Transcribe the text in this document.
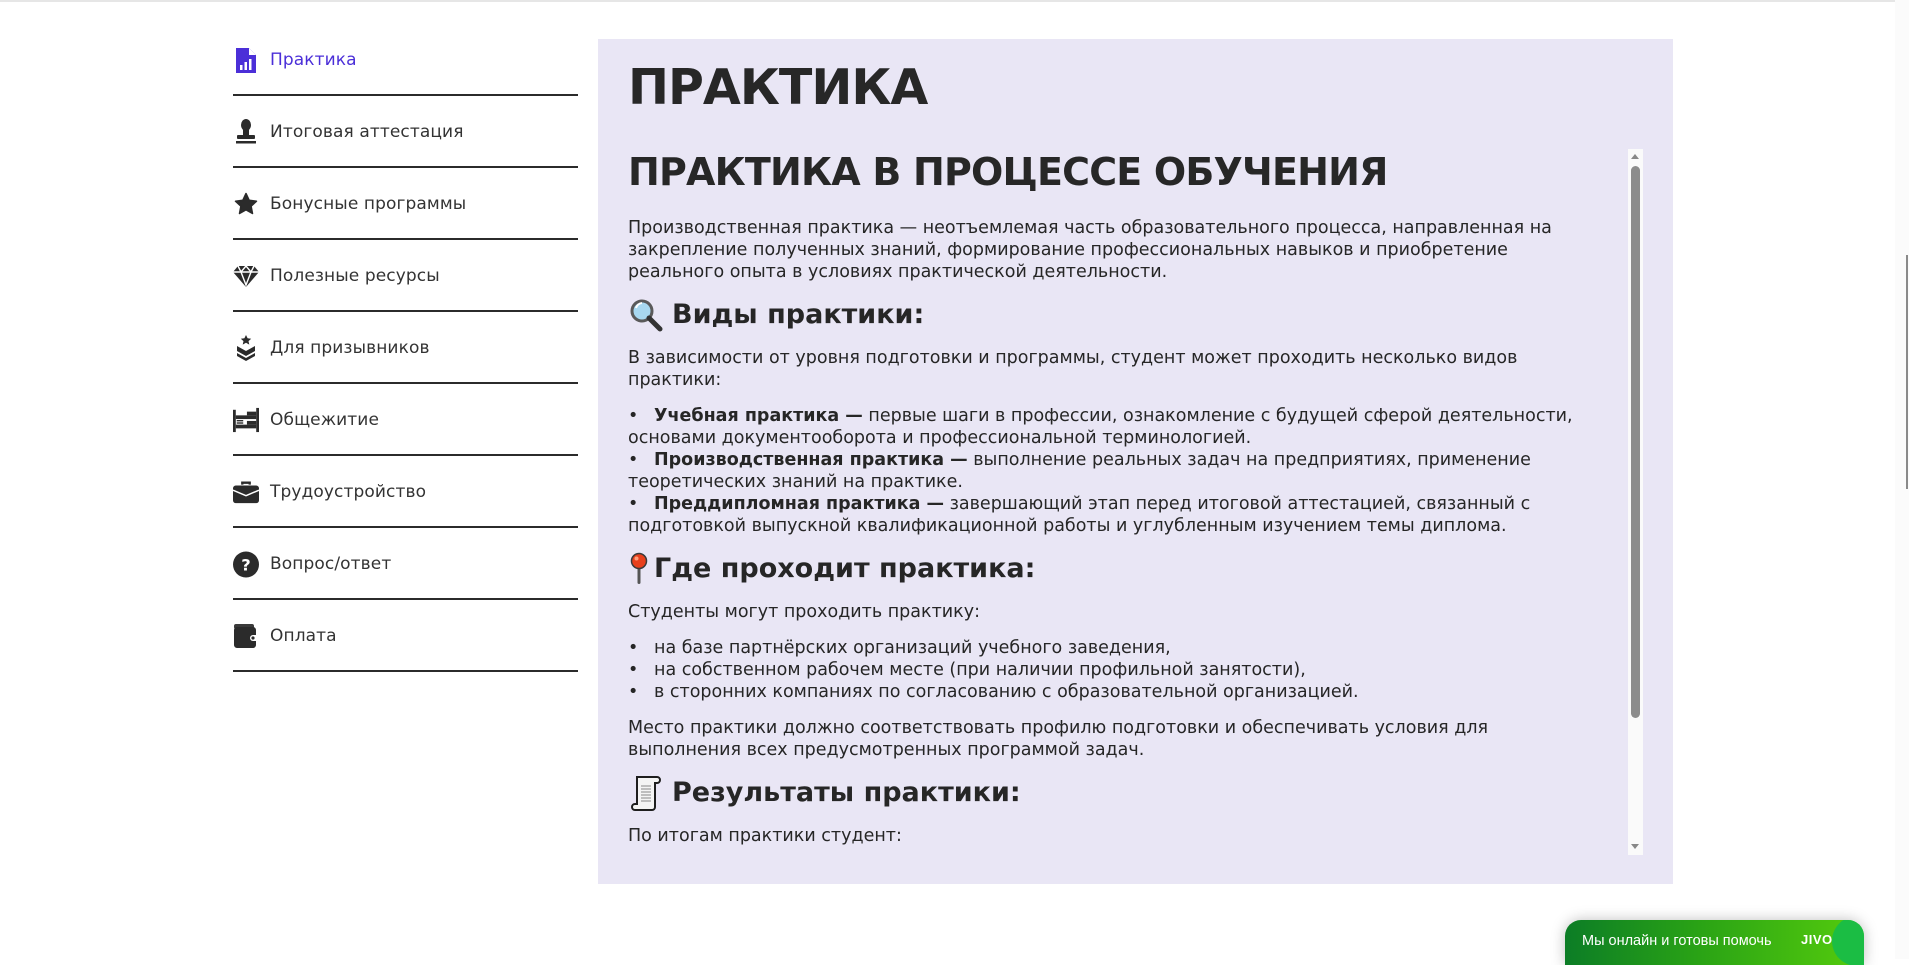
Практика
Итоговая аттестация
Бонусные программы
Полезные ресурсы
Для призывников
Общежитие
Трудоустройство
? Вопрос/ответ
Оплата
ПРАКТИКА
ПРАКТИКА В ПРОЦЕССЕ ОБУЧЕНИЯ

Производственная практика — неотъемлемая часть образовательного процесса, направленная на закрепление полученных знаний, формирование профессиональных навыков и приобретение реального опыта в условиях практической деятельности.

Виды практики:

В зависимости от уровня подготовки и программы, студент может проходить несколько видов практики:

• Учебная практика — первые шаги в профессии, ознакомление с будущей сферой деятельности, основами документооборота и профессиональной терминологией.
• Производственная практика — выполнение реальных задач на предприятиях, применение теоретических знаний на практике.
• Преддипломная практика — завершающий этап перед итоговой аттестацией, связанный с подготовкой выпускной квалификационной работы и углубленным изучением темы диплома.
Где проходит практика:

Студенты могут проходить практику:

• на базе партнёрских организаций учебного заведения,
• на собственном рабочем месте (при наличии профильной занятости),
• в сторонних компаниях по согласованию с образовательной организацией.

Место практики должно соответствовать профилю подготовки и обеспечивать условия для выполнения всех предусмотренных программой задач.

Результаты практики:

По итогам практики студент:

Мы онлайн и готовы помочь JIVO
